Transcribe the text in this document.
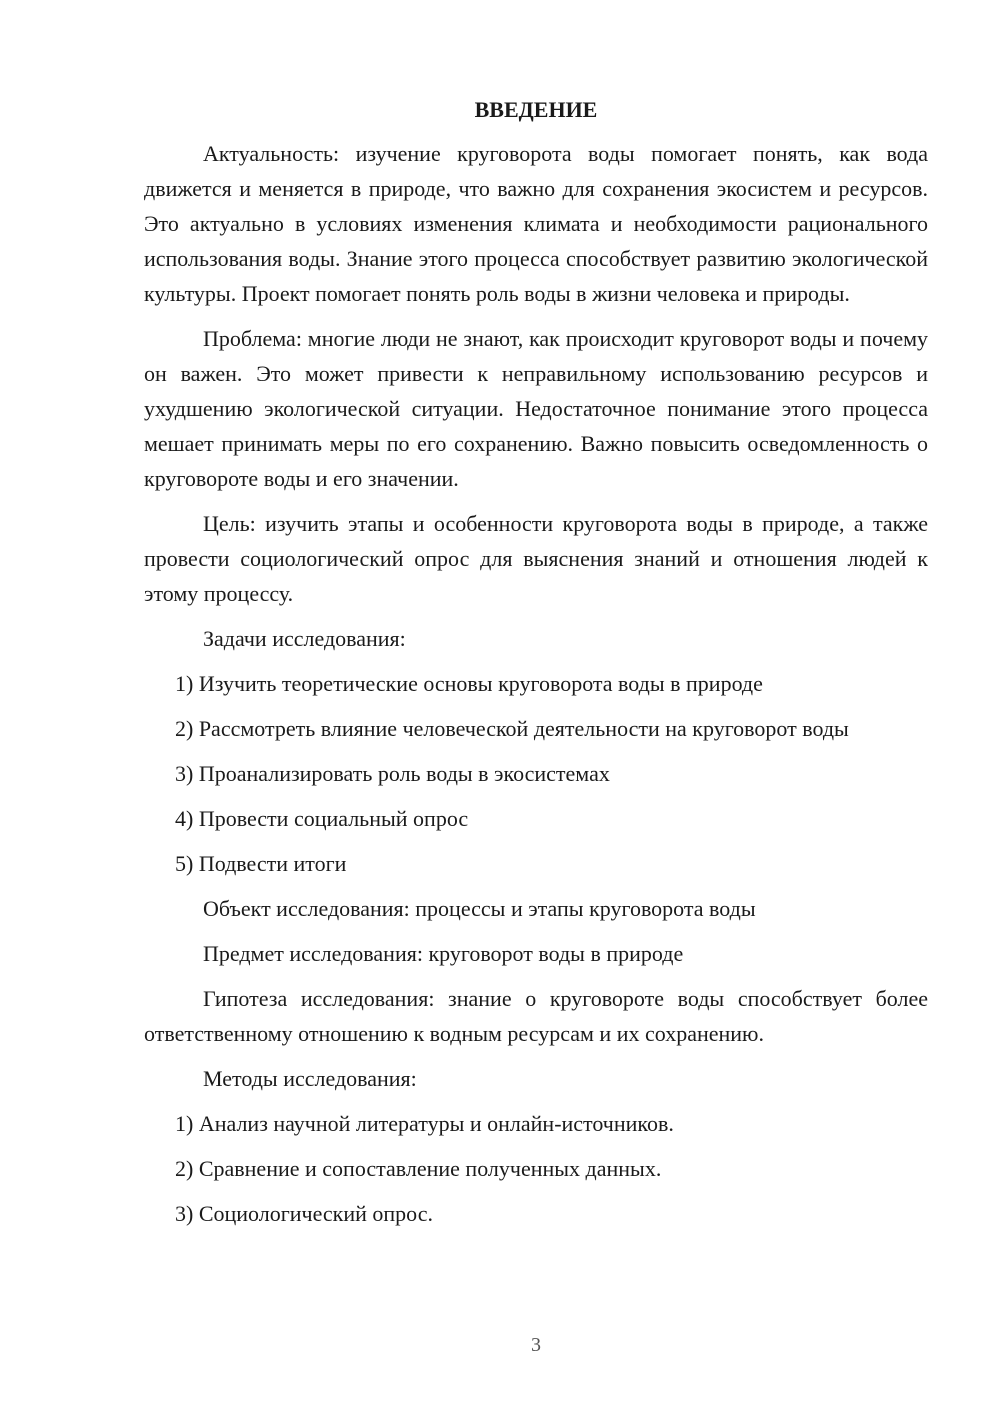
ВВЕДЕНИЕ

Актуальность: изучение круговорота воды помогает понять, как вода движется и меняется в природе, что важно для сохранения экосистем и ресурсов. Это актуально в условиях изменения климата и необходимости рационального использования воды. Знание этого процесса способствует развитию экологической культуры. Проект помогает понять роль воды в жизни человека и природы.

Проблема: многие люди не знают, как происходит круговорот воды и почему он важен. Это может привести к неправильному использованию ресурсов и ухудшению экологической ситуации. Недостаточное понимание этого процесса мешает принимать меры по его сохранению. Важно повысить осведомленность о круговороте воды и его значении.

Цель: изучить этапы и особенности круговорота воды в природе, а также провести социологический опрос для выяснения знаний и отношения людей к этому процессу.

Задачи исследования:

1) Изучить теоретические основы круговорота воды в природе

2) Рассмотреть влияние человеческой деятельности на круговорот воды

3) Проанализировать роль воды в экосистемах

4) Провести социальный опрос

5) Подвести итоги

Объект исследования: процессы и этапы круговорота воды

Предмет исследования: круговорот воды в природе

Гипотеза исследования: знание о круговороте воды способствует более ответственному отношению к водным ресурсам и их сохранению.

Методы исследования:

1) Анализ научной литературы и онлайн-источников.

2) Сравнение и сопоставление полученных данных.

3) Социологический опрос.

3
